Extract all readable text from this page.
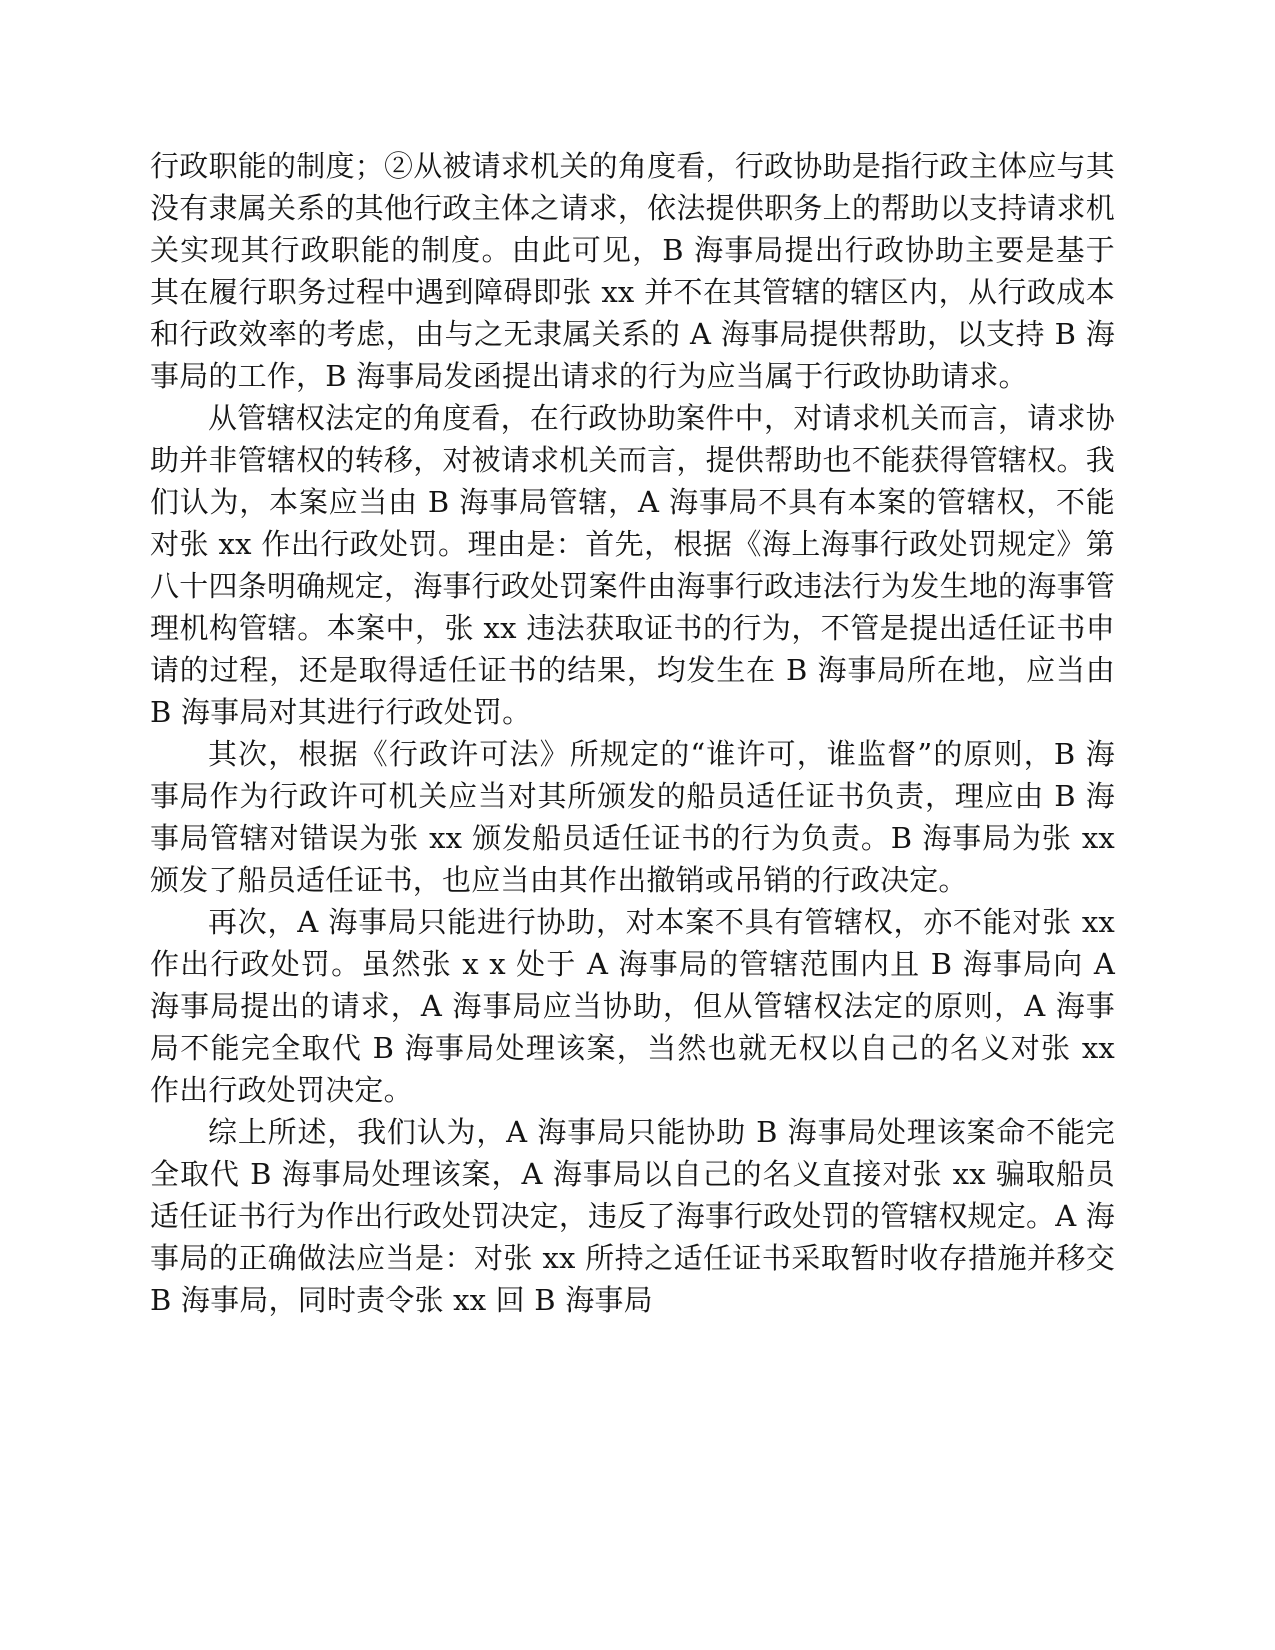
行政职能的制度；②从被请求机关的角度看，行政协助是指行政主体应与其没有隶属关系的其他行政主体之请求，依法提供职务上的帮助以支持请求机关实现其行政职能的制度。由此可见，B 海事局提出行政协助主要是基于其在履行职务过程中遇到障碍即张 xx 并不在其管辖的辖区内，从行政成本和行政效率的考虑，由与之无隶属关系的 A 海事局提供帮助，以支持 B 海事局的工作，B 海事局发函提出请求的行为应当属于行政协助请求。

从管辖权法定的角度看，在行政协助案件中，对请求机关而言，请求协助并非管辖权的转移，对被请求机关而言，提供帮助也不能获得管辖权。我们认为，本案应当由 B 海事局管辖，A 海事局不具有本案的管辖权，不能对张 xx 作出行政处罚。理由是：首先，根据《海上海事行政处罚规定》第八十四条明确规定，海事行政处罚案件由海事行政违法行为发生地的海事管理机构管辖。本案中，张 xx 违法获取证书的行为，不管是提出适任证书申请的过程，还是取得适任证书的结果，均发生在 B 海事局所在地，应当由 B 海事局对其进行行政处罚。

其次，根据《行政许可法》所规定的“谁许可，谁监督”的原则，B 海事局作为行政许可机关应当对其所颁发的船员适任证书负责，理应由 B 海事局管辖对错误为张 xx 颁发船员适任证书的行为负责。B 海事局为张 xx 颁发了船员适任证书，也应当由其作出撤销或吊销的行政决定。

再次，A 海事局只能进行协助，对本案不具有管辖权，亦不能对张 xx 作出行政处罚。虽然张 x x 处于 A 海事局的管辖范围内且 B 海事局向 A 海事局提出的请求，A 海事局应当协助，但从管辖权法定的原则，A 海事局不能完全取代 B 海事局处理该案，当然也就无权以自己的名义对张 xx 作出行政处罚决定。

综上所述，我们认为，A 海事局只能协助 B 海事局处理该案命不能完全取代 B 海事局处理该案，A 海事局以自己的名义直接对张 xx 骗取船员适任证书行为作出行政处罚决定，违反了海事行政处罚的管辖权规定。A 海事局的正确做法应当是：对张 xx 所持之适任证书采取暂时收存措施并移交 B 海事局，同时责令张 xx 回 B 海事局
